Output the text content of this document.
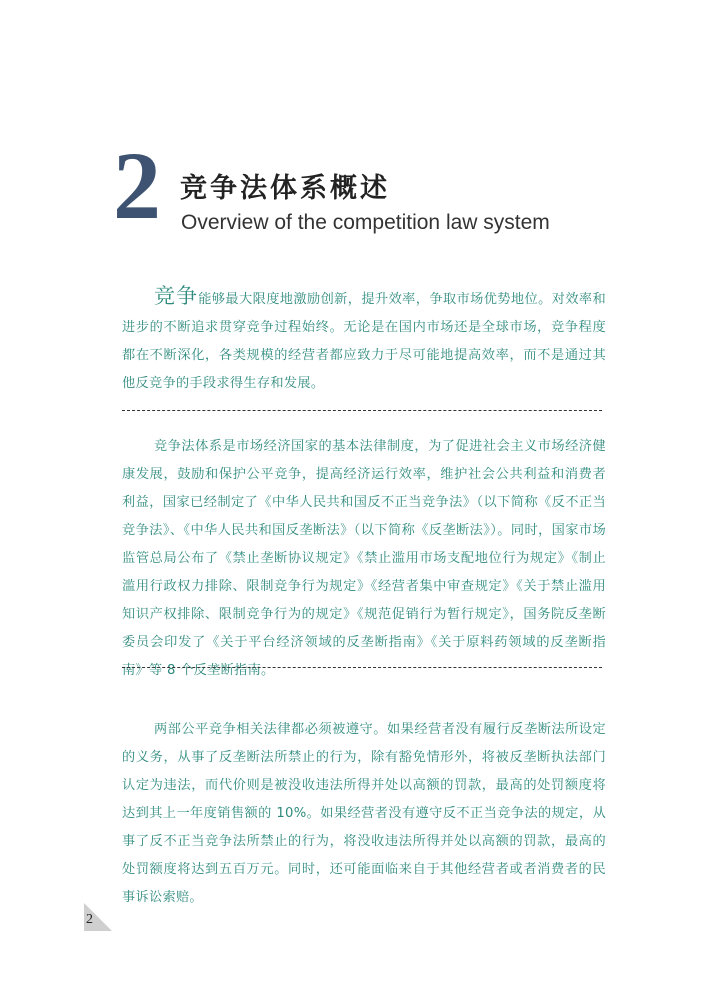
2 竞争法体系概述
Overview of the competition law system
竞争能够最大限度地激励创新，提升效率，争取市场优势地位。对效率和进步的不断追求贯穿竞争过程始终。无论是在国内市场还是全球市场，竞争程度都在不断深化，各类规模的经营者都应致力于尽可能地提高效率，而不是通过其他反竞争的手段求得生存和发展。
竞争法体系是市场经济国家的基本法律制度，为了促进社会主义市场经济健康发展，鼓励和保护公平竞争，提高经济运行效率，维护社会公共利益和消费者利益，国家已经制定了《中华人民共和国反不正当竞争法》（以下简称《反不正当竞争法》、《中华人民共和国反垄断法》（以下简称《反垄断法》）。同时，国家市场监管总局公布了《禁止垄断协议规定》《禁止滥用市场支配地位行为规定》《制止滥用行政权力排除、限制竞争行为规定》《经营者集中审查规定》《关于禁止滥用知识产权排除、限制竞争行为的规定》《规范促销行为暂行规定》，国务院反垄断委员会印发了《关于平台经济领域的反垄断指南》《关于原料药领域的反垄断指南》等 8 个反垄断指南。
两部公平竞争相关法律都必须被遵守。如果经营者没有履行反垄断法所设定的义务，从事了反垄断法所禁止的行为，除有豁免情形外，将被反垄断执法部门认定为违法，而代价则是被没收违法所得并处以高额的罚款，最高的处罚额度将达到其上一年度销售额的 10%。如果经营者没有遵守反不正当竞争法的规定，从事了反不正当竞争法所禁止的行为，将没收违法所得并处以高额的罚款，最高的处罚额度将达到五百万元。同时，还可能面临来自于其他经营者或者消费者的民事诉讼索赔。
2
